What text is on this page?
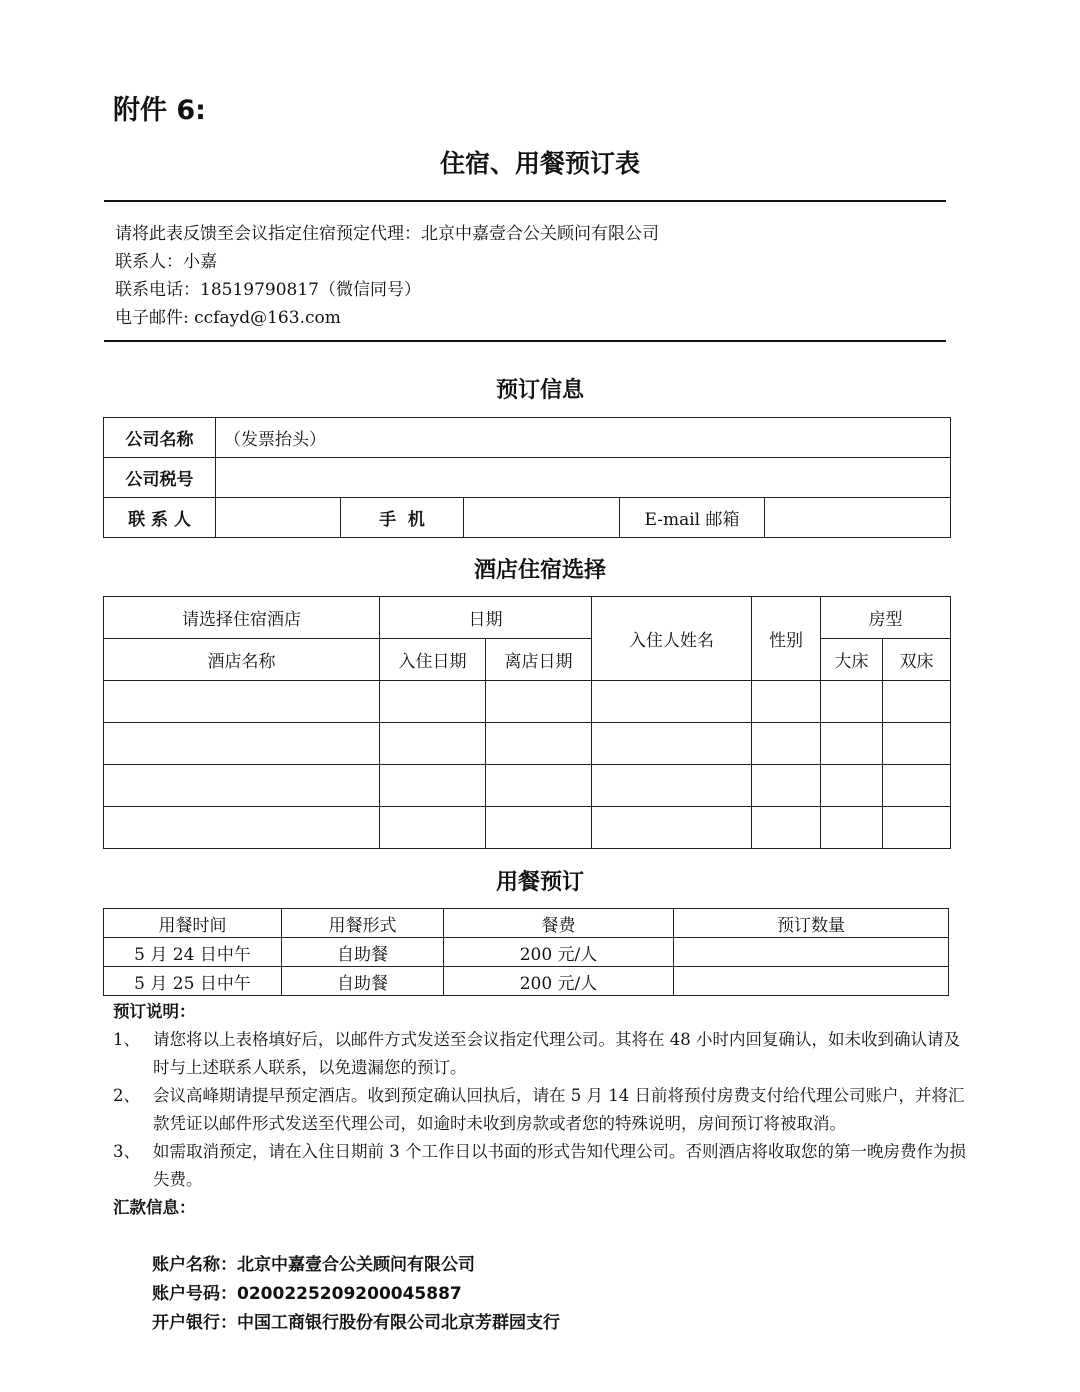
附件 6:
住宿、用餐预订表
请将此表反馈至会议指定住宿预定代理：北京中嘉壹合公关顾问有限公司
联系人：小嘉
联系电话：18519790817（微信同号）
电子邮件: ccfayd@163.com
预订信息
公司名称	（发票抬头）				
公司税号					
联 系 人		手  机		E-mail 邮箱	
酒店住宿选择
请选择住宿酒店	日期		入住人姓名	性别	房型	
酒店名称	入住日期	离店日期			大床	双床

用餐预订
用餐时间	用餐形式	餐费	预订数量
5 月 24 日中午	自助餐	200 元/人	
5 月 25 日中午	自助餐	200 元/人	
预订说明：
1、 请您将以上表格填好后，以邮件方式发送至会议指定代理公司。其将在 48 小时内回复确认，如未收到确认请及时与上述联系人联系，以免遗漏您的预订。
2、 会议高峰期请提早预定酒店。收到预定确认回执后，请在 5 月 14 日前将预付房费支付给代理公司账户，并将汇款凭证以邮件形式发送至代理公司，如逾时未收到房款或者您的特殊说明，房间预订将被取消。
3、 如需取消预定，请在入住日期前 3 个工作日以书面的形式告知代理公司。否则酒店将收取您的第一晚房费作为损失费。
汇款信息：
账户名称：北京中嘉壹合公关顾问有限公司
账户号码：0200225209200045887
开户银行：中国工商银行股份有限公司北京芳群园支行
